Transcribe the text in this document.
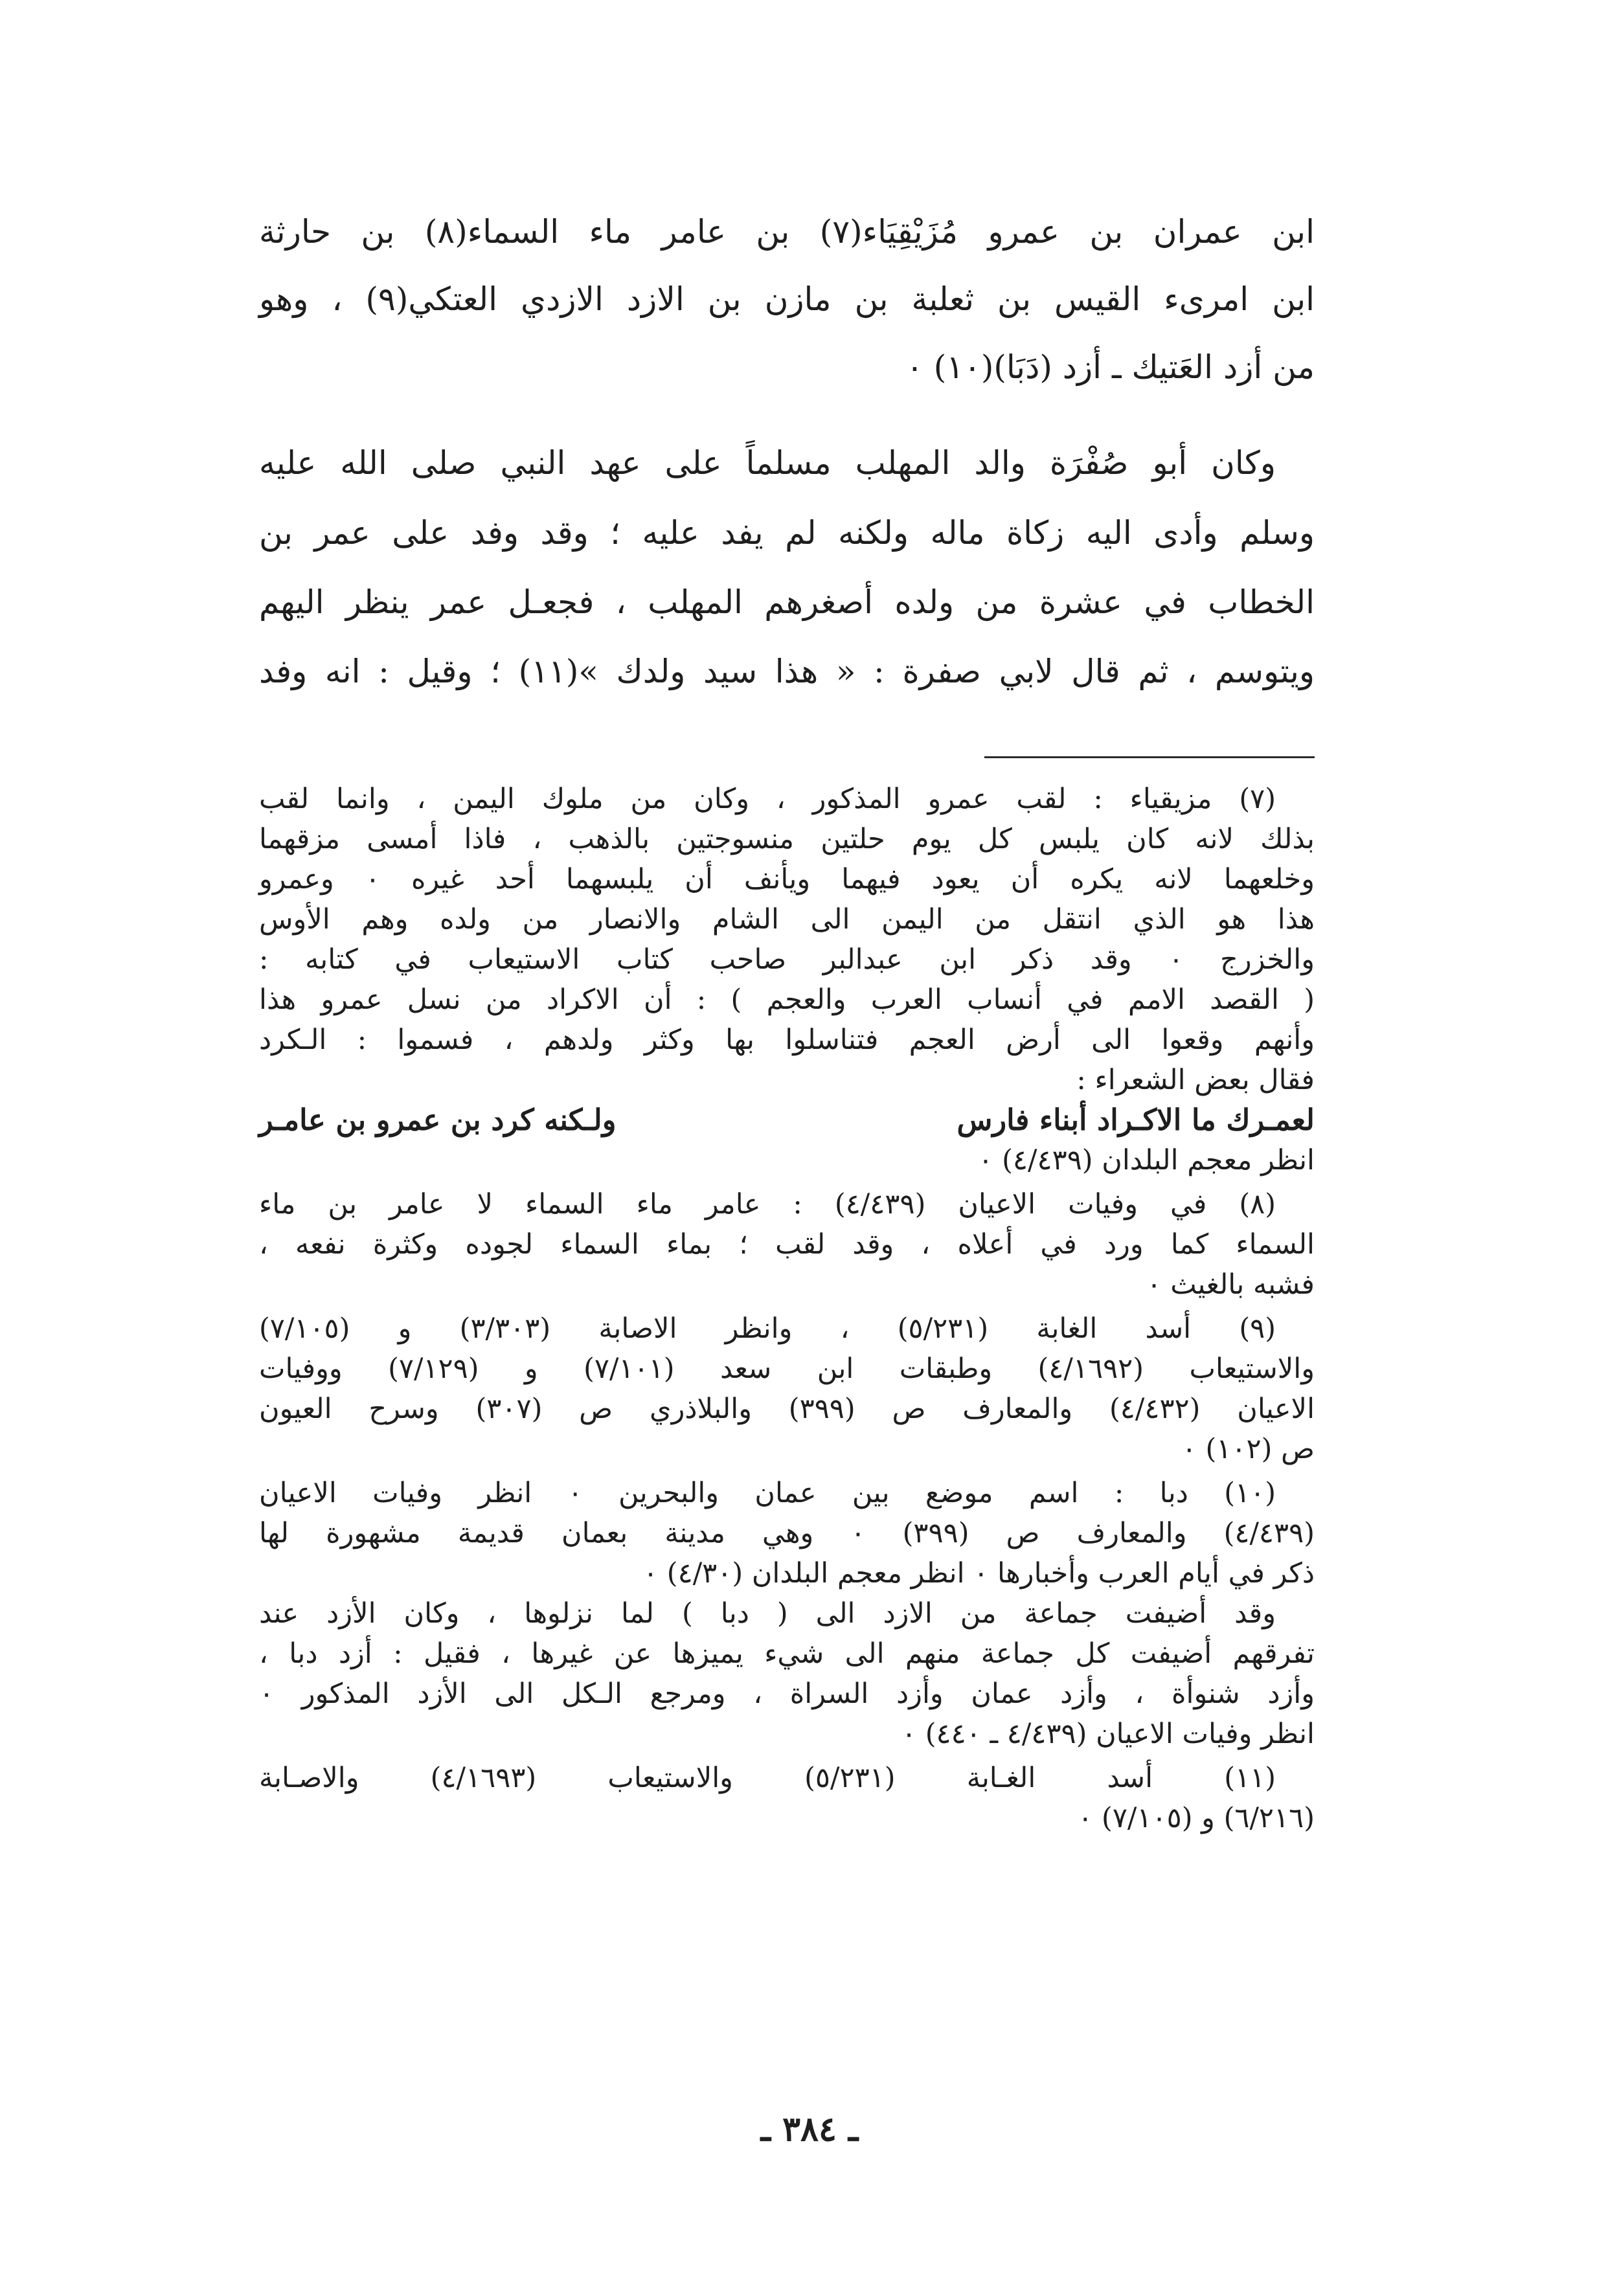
ابن عمران بن عمرو مُزَيْقِيَاء(٧) بن عامر ماء السماء(٨) بن حارثة
ابن امرىء القيس بن ثعلبة بن مازن بن الازد الازدي العتكي(٩) ، وهو
من أزد العَتيك ـ أزد (دَبَا)(١٠) ٠
وكان أبو صُفْرَة والد المهلب مسلماً على عهد النبي صلى الله عليه
وسلم وأدى اليه زكاة ماله ولكنه لم يفد عليه ؛ وقد وفد على عمر بن
الخطاب في عشرة من ولده أصغرهم المهلب ، فجعـل عمر ينظر اليهم
ويتوسم ، ثم قال لابي صفرة : « هذا سيد ولدك »(١١) ؛ وقيل : انه وفد
(٧) مزيقياء : لقب عمرو المذكور ، وكان من ملوك اليمن ، وانما لقب
بذلك لانه كان يلبس كل يوم حلتين منسوجتين بالذهب ، فاذا أمسى مزقهما
وخلعهما لانه يكره أن يعود فيهما ويأنف أن يلبسهما أحد غيره ٠ وعمرو
هذا هو الذي انتقل من اليمن الى الشام والانصار من ولده وهم الأوس
والخزرج ٠ وقد ذكر ابن عبدالبر صاحب كتاب الاستيعاب في كتابه :
( القصد الامم في أنساب العرب والعجم ) : أن الاكراد من نسل عمرو هذا
وأنهم وقعوا الى أرض العجم فتناسلوا بها وكثر ولدهم ، فسموا : الـكرد
فقال بعض الشعراء :
لعمـرك ما الاكـراد أبناء فارس
ولـكنه كرد بن عمرو بن عامـر
انظر معجم البلدان (٤/٤٣٩) ٠
(٨) في وفيات الاعيان (٤/٤٣٩) : عامر ماء السماء لا عامر بن ماء
السماء كما ورد في أعلاه ، وقد لقب ؛ بماء السماء لجوده وكثرة نفعه ،
فشبه بالغيث ٠
(٩) أسد الغابة (٥/٢٣١) ، وانظر الاصابة (٣/٣٠٣) و (٧/١٠٥)
والاستيعاب (٤/١٦٩٢) وطبقات ابن سعد (٧/١٠١) و (٧/١٢٩) ووفيات
الاعيان (٤/٤٣٢) والمعارف ص (٣٩٩) والبلاذري ص (٣٠٧) وسرح العيون
ص (١٠٢) ٠
(١٠) دبا : اسم موضع بين عمان والبحرين ٠ انظر وفيات الاعيان
(٤/٤٣٩) والمعارف ص (٣٩٩) ٠ وهي مدينة بعمان قديمة مشهورة لها
ذكر في أيام العرب وأخبارها ٠ انظر معجم البلدان (٤/٣٠) ٠
وقد أضيفت جماعة من الازد الى ( دبا ) لما نزلوها ، وكان الأزد عند
تفرقهم أضيفت كل جماعة منهم الى شيء يميزها عن غيرها ، فقيل : أزد دبا ،
وأزد شنوأة ، وأزد عمان وأزد السراة ، ومرجع الـكل الى الأزد المذكور ٠
انظر وفيات الاعيان (٤/٤٣٩ ـ ٤٤٠) ٠
(١١) أسد الغـابة (٥/٢٣١) والاستيعاب (٤/١٦٩٣) والاصـابة
(٦/٢١٦) و (٧/١٠٥) ٠
ـ ٣٨٤ ـ
